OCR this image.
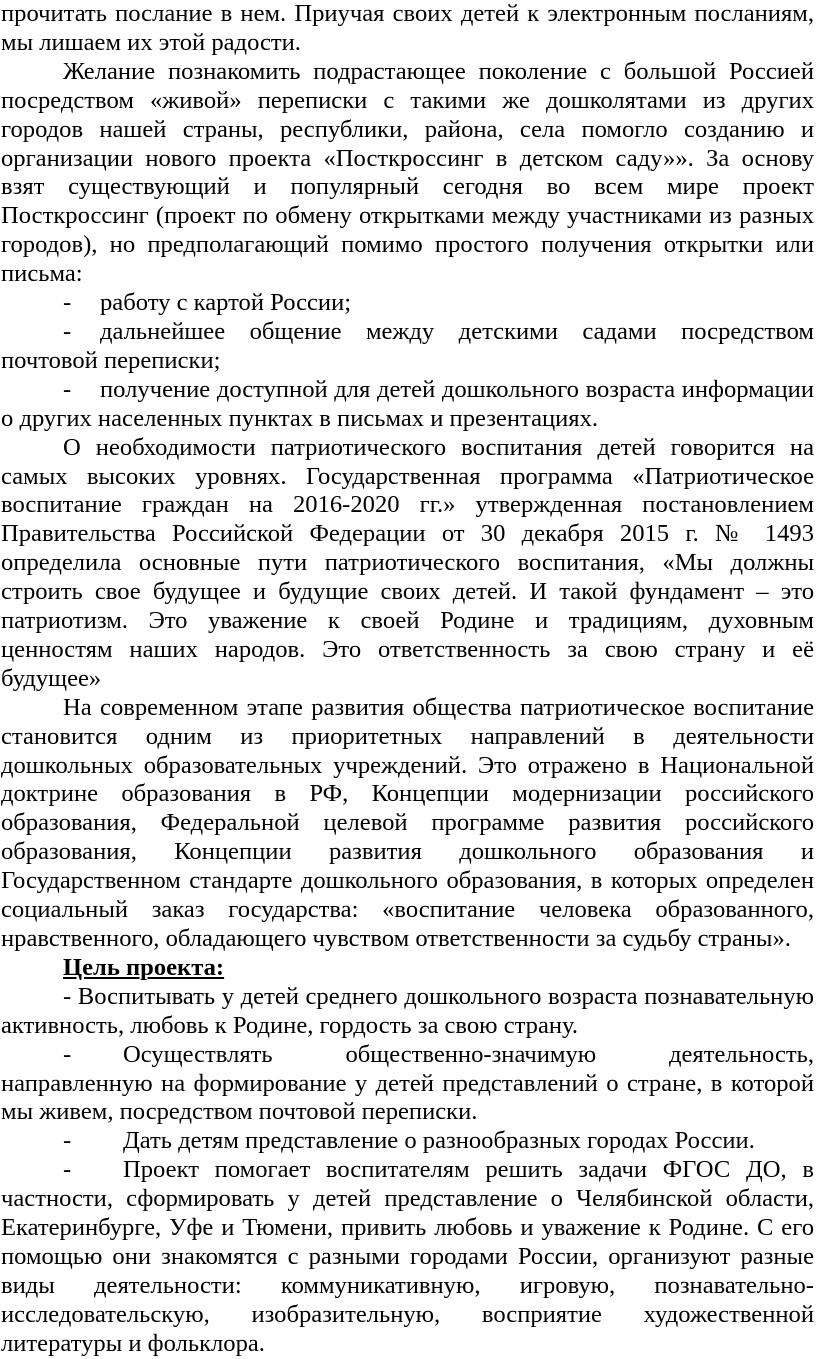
прочитать послание в нем. Приучая своих детей к электронным посланиям, мы лишаем их этой радости.

Желание познакомить подрастающее поколение с большой Россией посредством «живой» переписки с такими же дошколятами из других городов нашей страны, республики, района, села помогло созданию и организации нового проекта «Посткроссинг в детском саду»». За основу взят существующий и популярный сегодня во всем мире проект Посткроссинг (проект по обмену открытками между участниками из разных городов), но предполагающий помимо простого получения открытки или письма:

- работу с картой России;

- дальнейшее общение между детскими садами посредством почтовой переписки;

- получение доступной для детей дошкольного возраста информации о других населенных пунктах в письмах и презентациях.

О необходимости патриотического воспитания детей говорится на самых высоких уровнях. Государственная программа «Патриотическое воспитание граждан на 2016-2020 гг.» утвержденная постановлением Правительства Российской Федерации от 30 декабря 2015 г. № 1493 определила основные пути патриотического воспитания, «Мы должны строить свое будущее и будущие своих детей. И такой фундамент – это патриотизм. Это уважение к своей Родине и традициям, духовным ценностям наших народов. Это ответственность за свою страну и её будущее»

На современном этапе развития общества патриотическое воспитание становится одним из приоритетных направлений в деятельности дошкольных образовательных учреждений. Это отражено в Национальной доктрине образования в РФ, Концепции модернизации российского образования, Федеральной целевой программе развития российского образования, Концепции развития дошкольного образования и Государственном стандарте дошкольного образования, в которых определен социальный заказ государства: «воспитание человека образованного, нравственного, обладающего чувством ответственности за судьбу страны».

Цель проекта:

- Воспитывать у детей среднего дошкольного возраста познавательную активность, любовь к Родине, гордость за свою страну.

- Осуществлять общественно-значимую деятельность, направленную на формирование у детей представлений о стране, в которой мы живем, посредством почтовой переписки.

- Дать детям представление о разнообразных городах России.

- Проект помогает воспитателям решить задачи ФГОС ДО, в частности, сформировать у детей представление о Челябинской области, Екатеринбурге, Уфе и Тюмени, привить любовь и уважение к Родине. С его помощью они знакомятся с разными городами России, организуют разные виды деятельности: коммуникативную, игровую, познавательно-исследовательскую, изобразительную, восприятие художественной литературы и фольклора.
